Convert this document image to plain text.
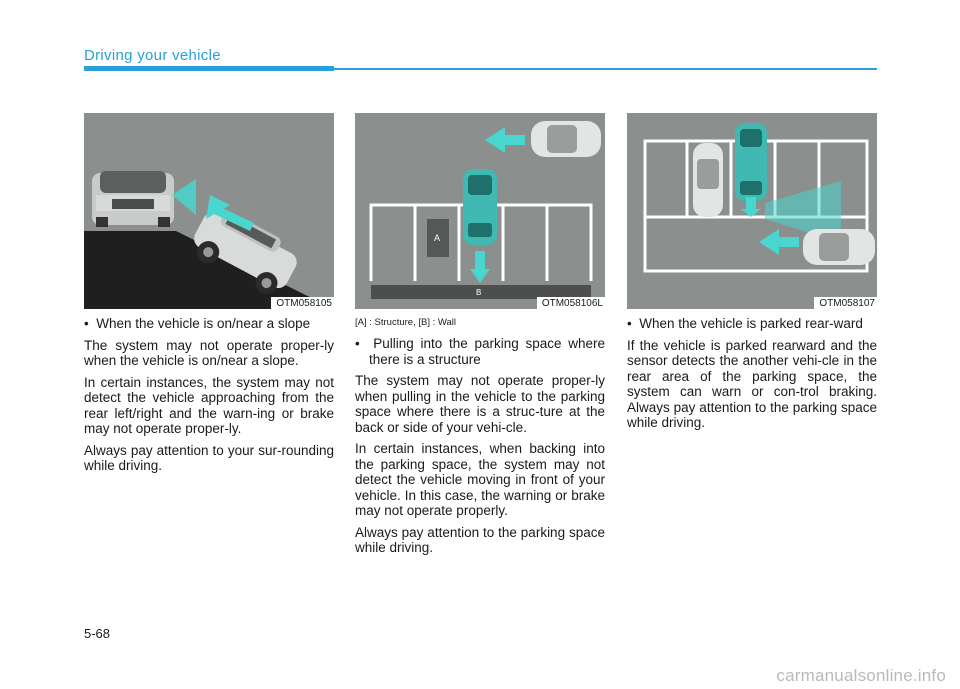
Driving your vehicle
OTM058105
•  When the vehicle is on/near a slope

The system may not operate proper-ly when the vehicle is on/near a slope.

In certain instances, the system may not detect the vehicle approaching from the rear left/right and the warn-ing or brake may not operate proper-ly.

Always pay attention to your sur-rounding while driving.

A
B
OTM058106L
[A] : Structure, [B] : Wall
•  Pulling into the parking space where there is a structure

The system may not operate proper-ly when pulling in the vehicle to the parking space where there is a struc-ture at the back or side of your vehi-cle.

In certain instances, when backing into the parking space, the system may not detect the vehicle moving in front of your vehicle. In this case, the warning or brake may not operate properly.

Always pay attention to the parking space while driving.

OTM058107
•  When the vehicle is parked rear-ward

If the vehicle is parked rearward and the sensor detects the another vehi-cle in the rear area of the parking space, the system can warn or con-trol braking. Always pay attention to the parking space while driving.

5-68
carmanualsonline.info
